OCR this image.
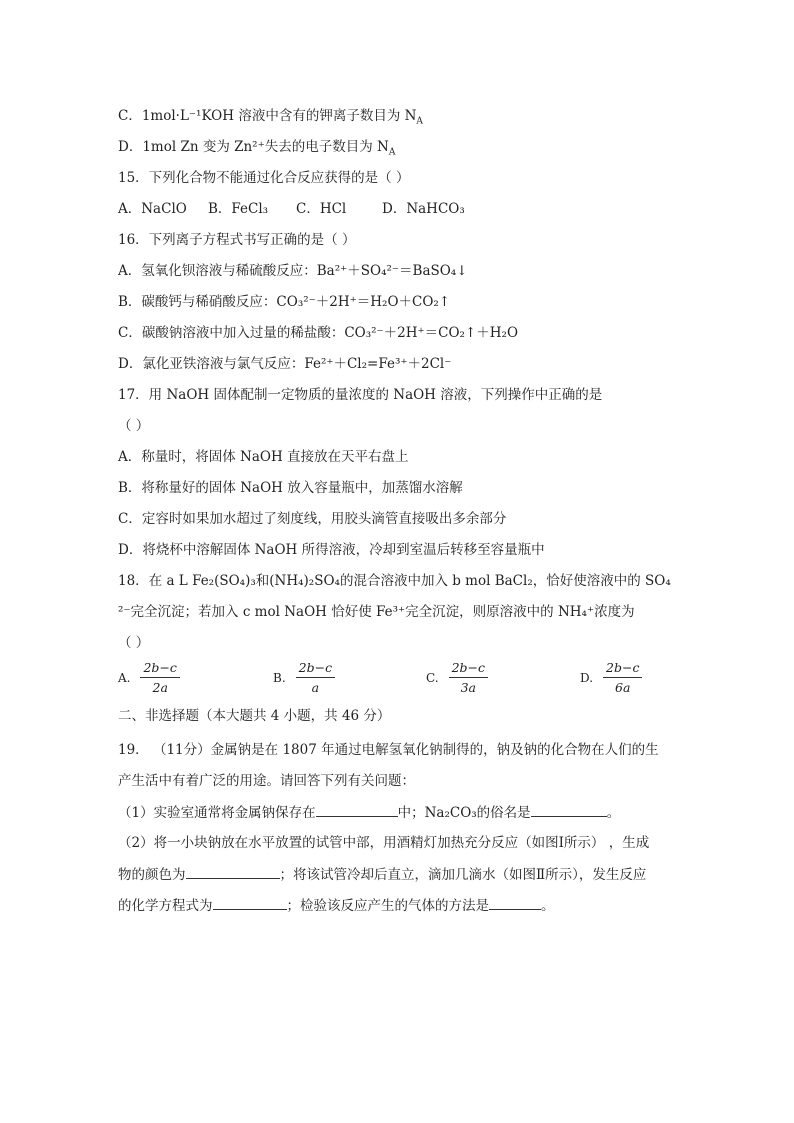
C．1mol·L⁻¹KOH 溶液中含有的钾离子数目为 $N_A$
D．1mol Zn 变为 Zn²⁺失去的电子数目为 $N_A$
15．下列化合物不能通过化合反应获得的是（ ）
A．NaClO B．FeCl₃ C．HCl	D．NaHCO₃
16．下列离子方程式书写正确的是（ ）
A．氢氧化钡溶液与稀硫酸反应：Ba²⁺＋SO₄²⁻＝BaSO₄↓
B．碳酸钙与稀硝酸反应：CO₃²⁻＋2H⁺＝H₂O＋CO₂↑
C．碳酸钠溶液中加入过量的稀盐酸：CO₃²⁻＋2H⁺＝CO₂↑＋H₂O
D．氯化亚铁溶液与氯气反应：Fe²⁺＋Cl₂=Fe³⁺＋2Cl⁻
17．用 NaOH 固体配制一定物质的量浓度的 NaOH 溶液，下列操作中正确的是
（ ）
A．称量时，将固体 NaOH 直接放在天平右盘上
B．将称量好的固体 NaOH 放入容量瓶中，加蒸馏水溶解
C．定容时如果加水超过了刻度线，用胶头滴管直接吸出多余部分
D．将烧杯中溶解固体 NaOH 所得溶液，冷却到室温后转移至容量瓶中
18．在 a L Fe₂(SO₄)₃和(NH₄)₂SO₄的混合溶液中加入 b mol BaCl₂，恰好使溶液中的 SO₄
²⁻完全沉淀；若加入 c mol NaOH 恰好使 Fe³⁺完全沉淀，则原溶液中的 NH₄⁺浓度为
（ ）
A. $\frac{2b-c}{2a}$	B. $\frac{2b-c}{a}$	C. $\frac{2b-c}{3a}$	D. $\frac{2b-c}{6a}$
二、非选择题（本大题共 4 小题，共 46 分）
19． （11分）金属钠是在 1807 年通过电解氢氧化钠制得的，钠及钠的化合物在人们的生
产生活中有着广泛的用途。请回答下列有关问题：
（1）实验室通常将金属钠保存在	中；Na₂CO₃的俗名是	。
（2）将一小块钠放在水平放置的试管中部，用酒精灯加热充分反应（如图Ⅰ所示） ，生成
物的颜色为	；将该试管冷却后直立，滴加几滴水（如图Ⅱ所示），发生反应
的化学方程式为	；检验该反应产生的气体的方法是	。
